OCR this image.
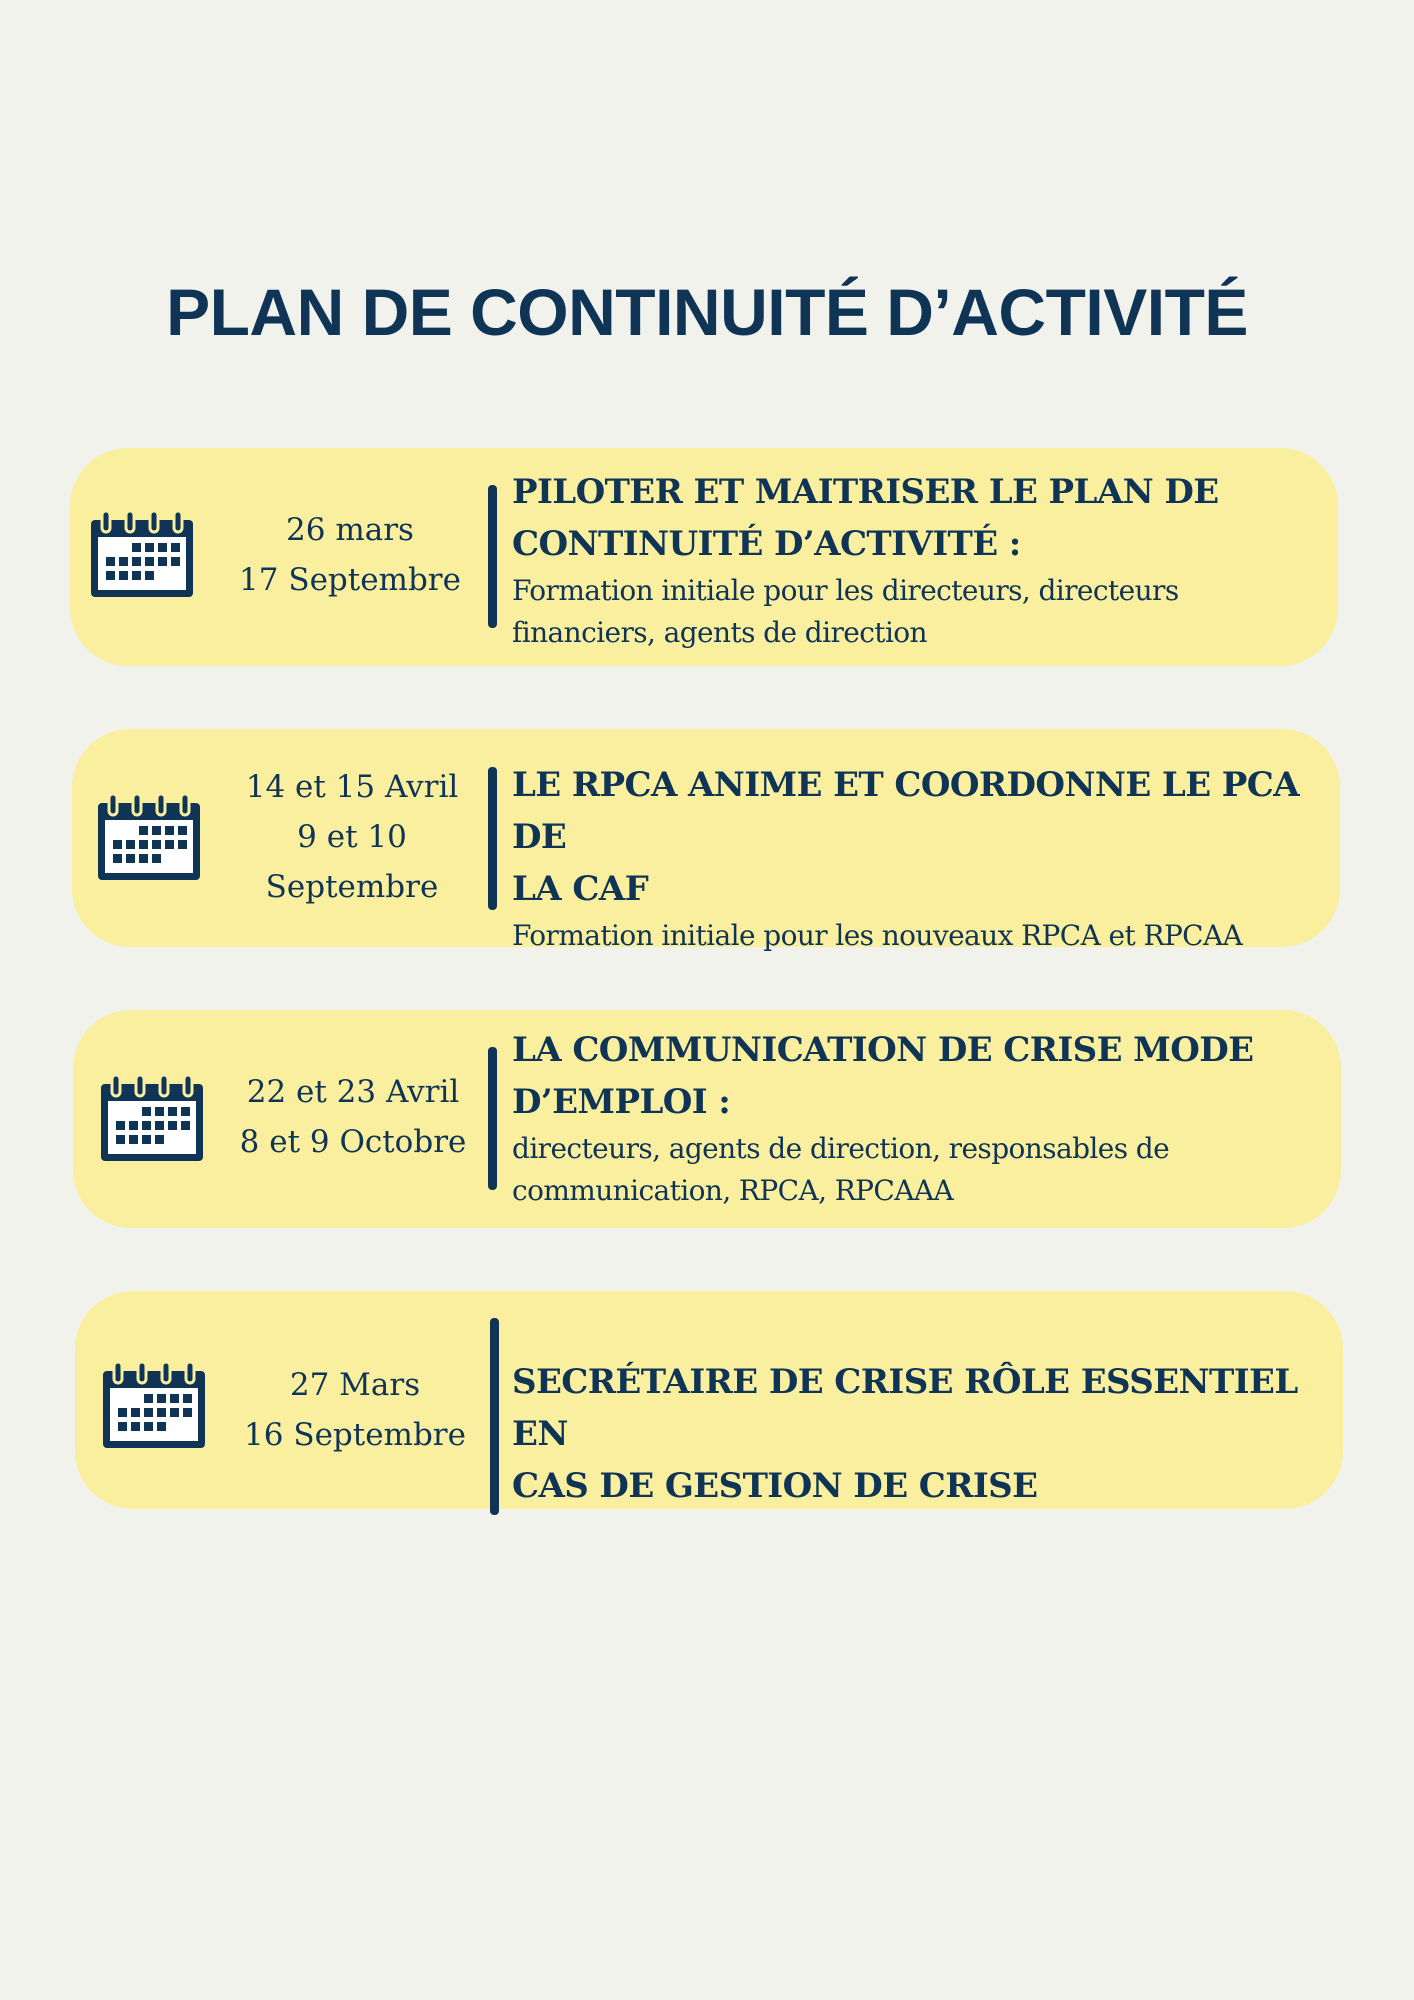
PLAN DE CONTINUITÉ D’ACTIVITÉ
26 mars
17 Septembre
PILOTER ET MAITRISER LE PLAN DE
CONTINUITÉ D’ACTIVITÉ :

Formation initiale pour les directeurs, directeurs
financiers, agents de direction

14 et 15 Avril
9 et 10
Septembre
LE RPCA ANIME ET COORDONNE LE PCA DE
LA CAF

Formation initiale pour les nouveaux RPCA et RPCAA

22 et 23 Avril
8 et 9 Octobre
LA COMMUNICATION DE CRISE MODE
D’EMPLOI :

directeurs, agents de direction, responsables de
communication, RPCA, RPCAAA

27 Mars
16 Septembre
SECRÉTAIRE DE CRISE RÔLE ESSENTIEL EN
CAS DE GESTION DE CRISE
